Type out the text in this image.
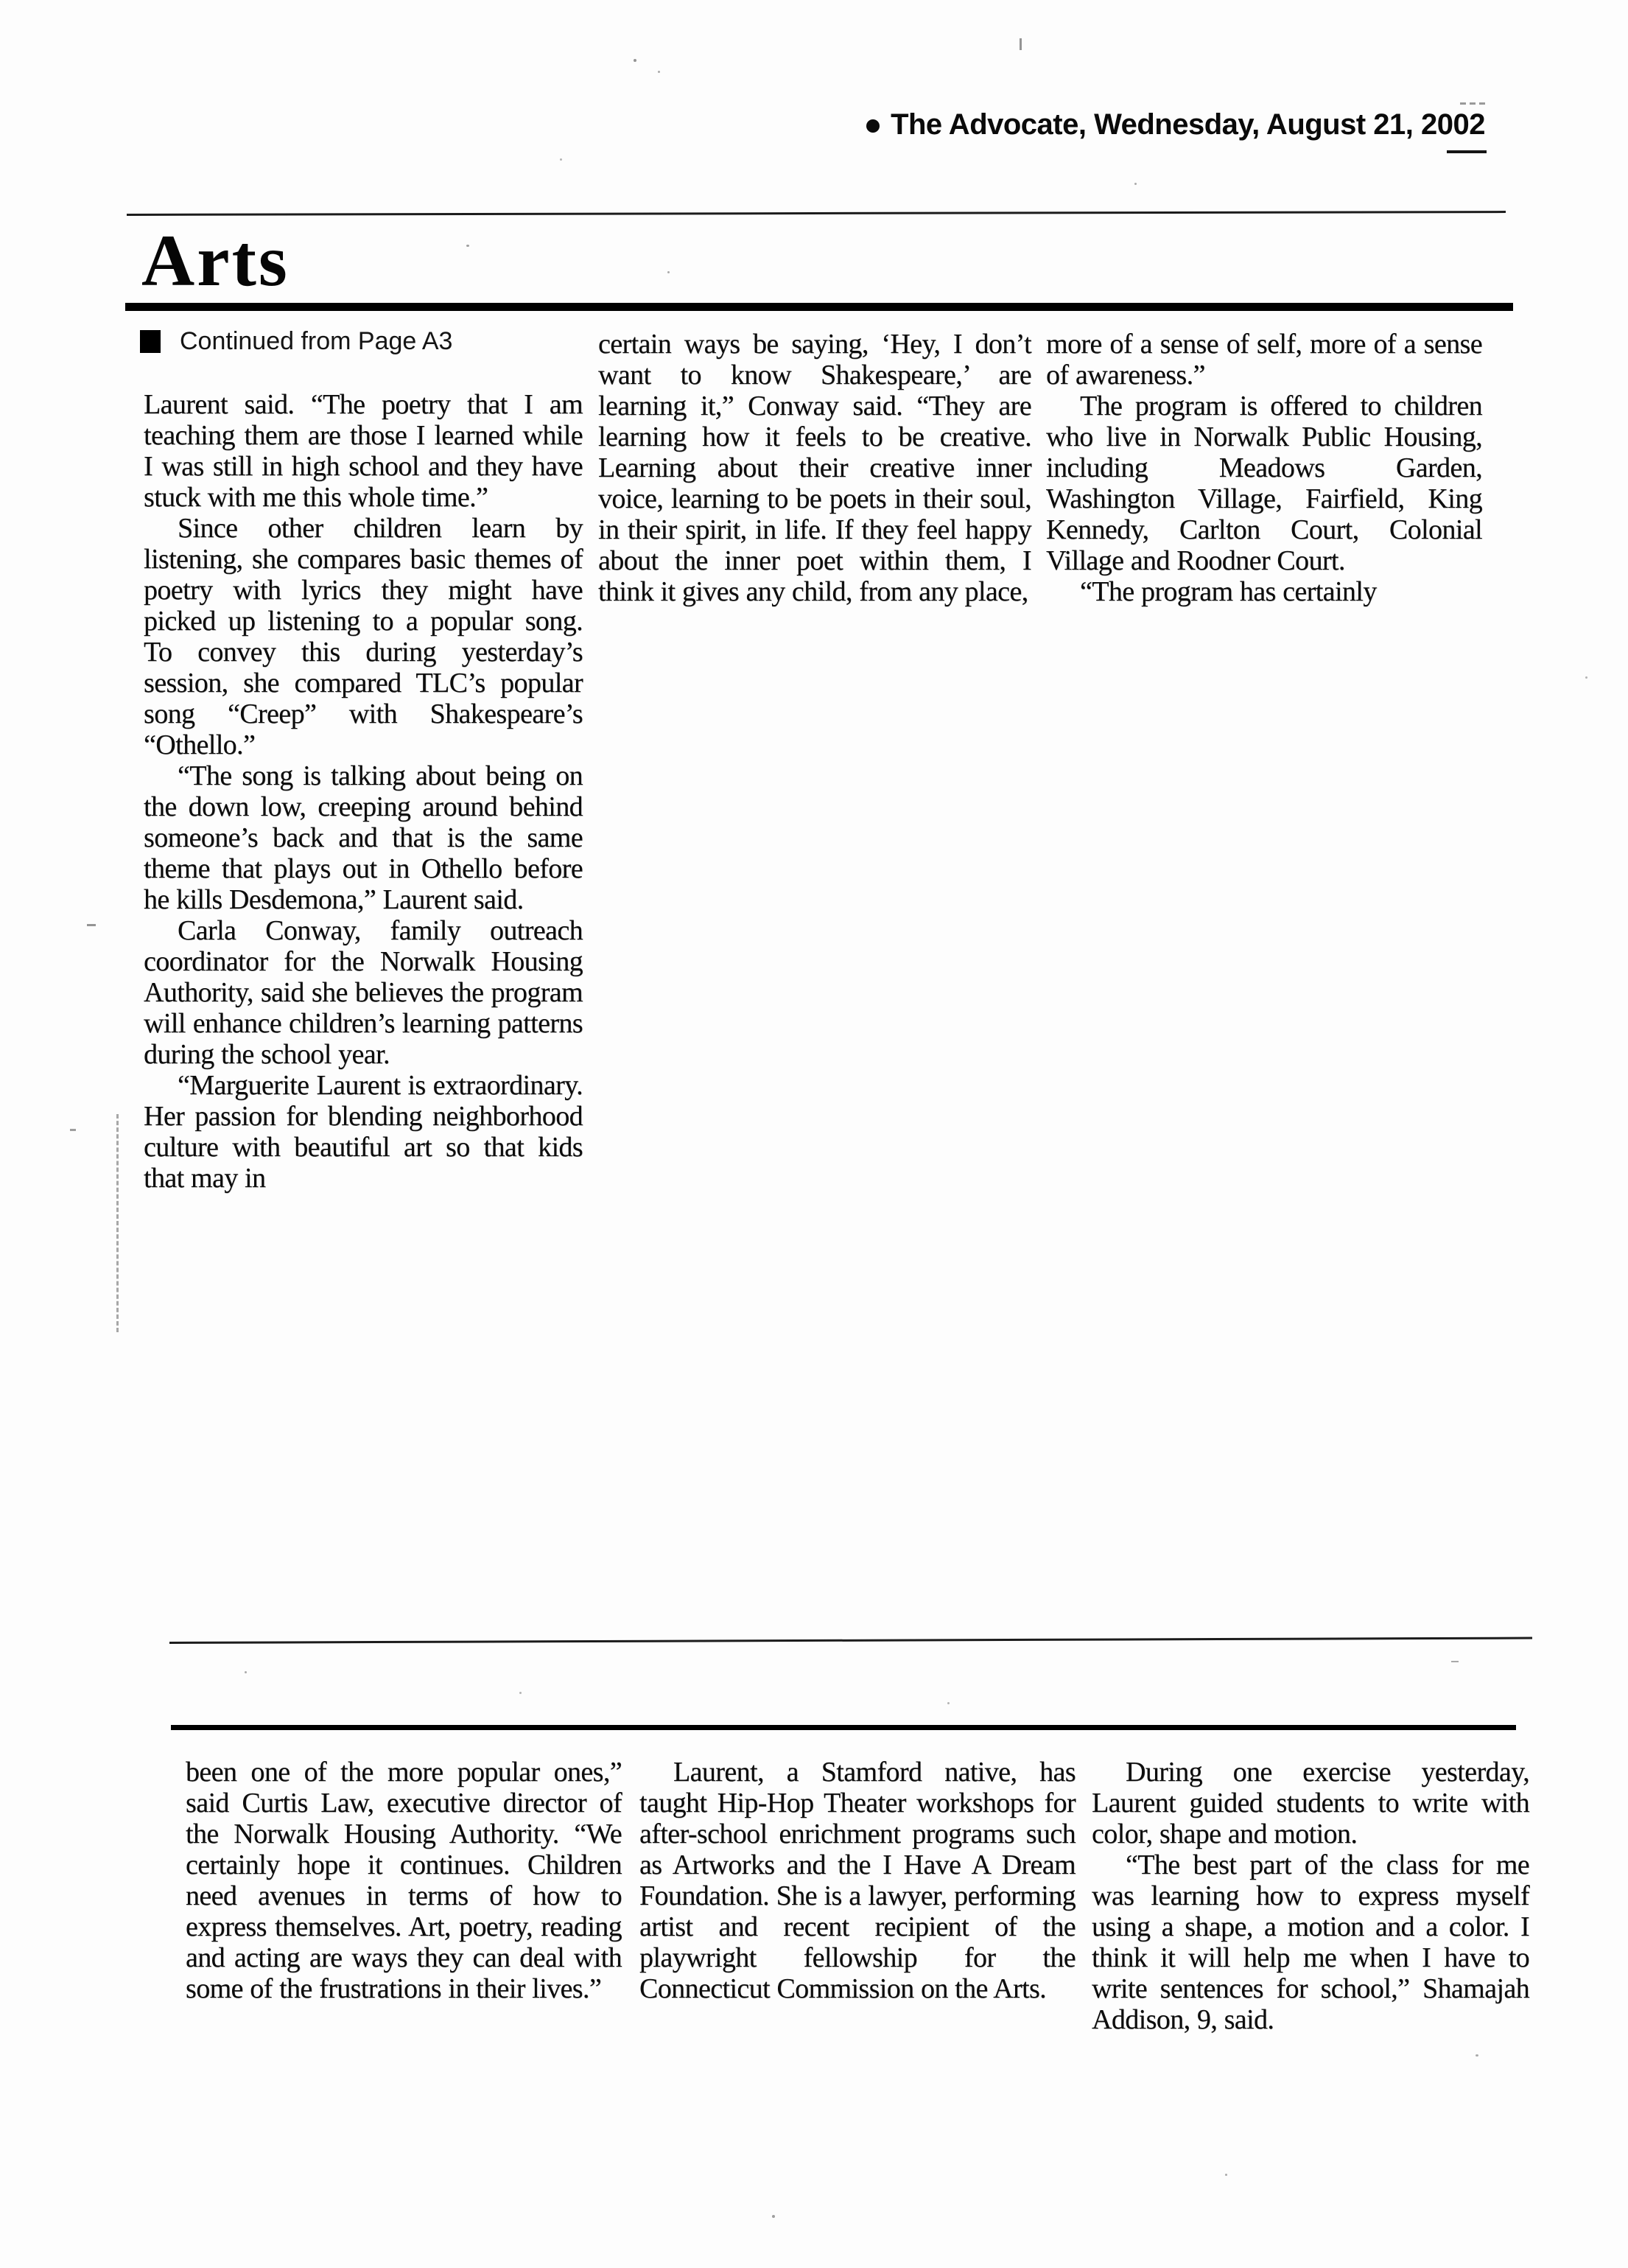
The Advocate, Wednesday, August 21, 2002
Arts
Continued from Page A3

Laurent said. “The poetry that I am teaching them are those I learned while I was still in high school and they have stuck with me this whole time.”

Since other children learn by listening, she compares basic themes of poetry with lyrics they might have picked up listening to a popular song. To convey this during yesterday’s session, she compared TLC’s popular song “Creep” with Shakespeare’s “Othello.”

“The song is talking about being on the down low, creeping around behind someone’s back and that is the same theme that plays out in Othello before he kills Desdemona,” Laurent said.

Carla Conway, family outreach coordinator for the Norwalk Housing Authority, said she believes the program will enhance children’s learning patterns during the school year.

“Marguerite Laurent is extraordinary. Her passion for blending neighborhood culture with beautiful art so that kids that may in

certain ways be saying, ‘Hey, I don’t want to know Shakespeare,’ are learning it,” Conway said. “They are learning how it feels to be creative. Learning about their creative inner voice, learning to be poets in their soul, in their spirit, in life. If they feel happy about the inner poet within them, I think it gives any child, from any place,

more of a sense of self, more of a sense of awareness.”

The program is offered to children who live in Norwalk Public Housing, including Meadows Garden, Washington Village, Fairfield, King Kennedy, Carlton Court, Colonial Village and Roodner Court.

“The program has certainly

been one of the more popular ones,” said Curtis Law, executive director of the Norwalk Housing Authority. “We certainly hope it continues. Children need avenues in terms of how to express themselves. Art, poetry, reading and acting are ways they can deal with some of the frustrations in their lives.”

Laurent, a Stamford native, has taught Hip-Hop Theater workshops for after-school enrichment programs such as Artworks and the I Have A Dream Foundation. She is a lawyer, performing artist and recent recipient of the playwright fellowship for the Connecticut Commission on the Arts.

During one exercise yesterday, Laurent guided students to write with color, shape and motion.

“The best part of the class for me was learning how to express myself using a shape, a motion and a color. I think it will help me when I have to write sentences for school,” Shamajah Addison, 9, said.
